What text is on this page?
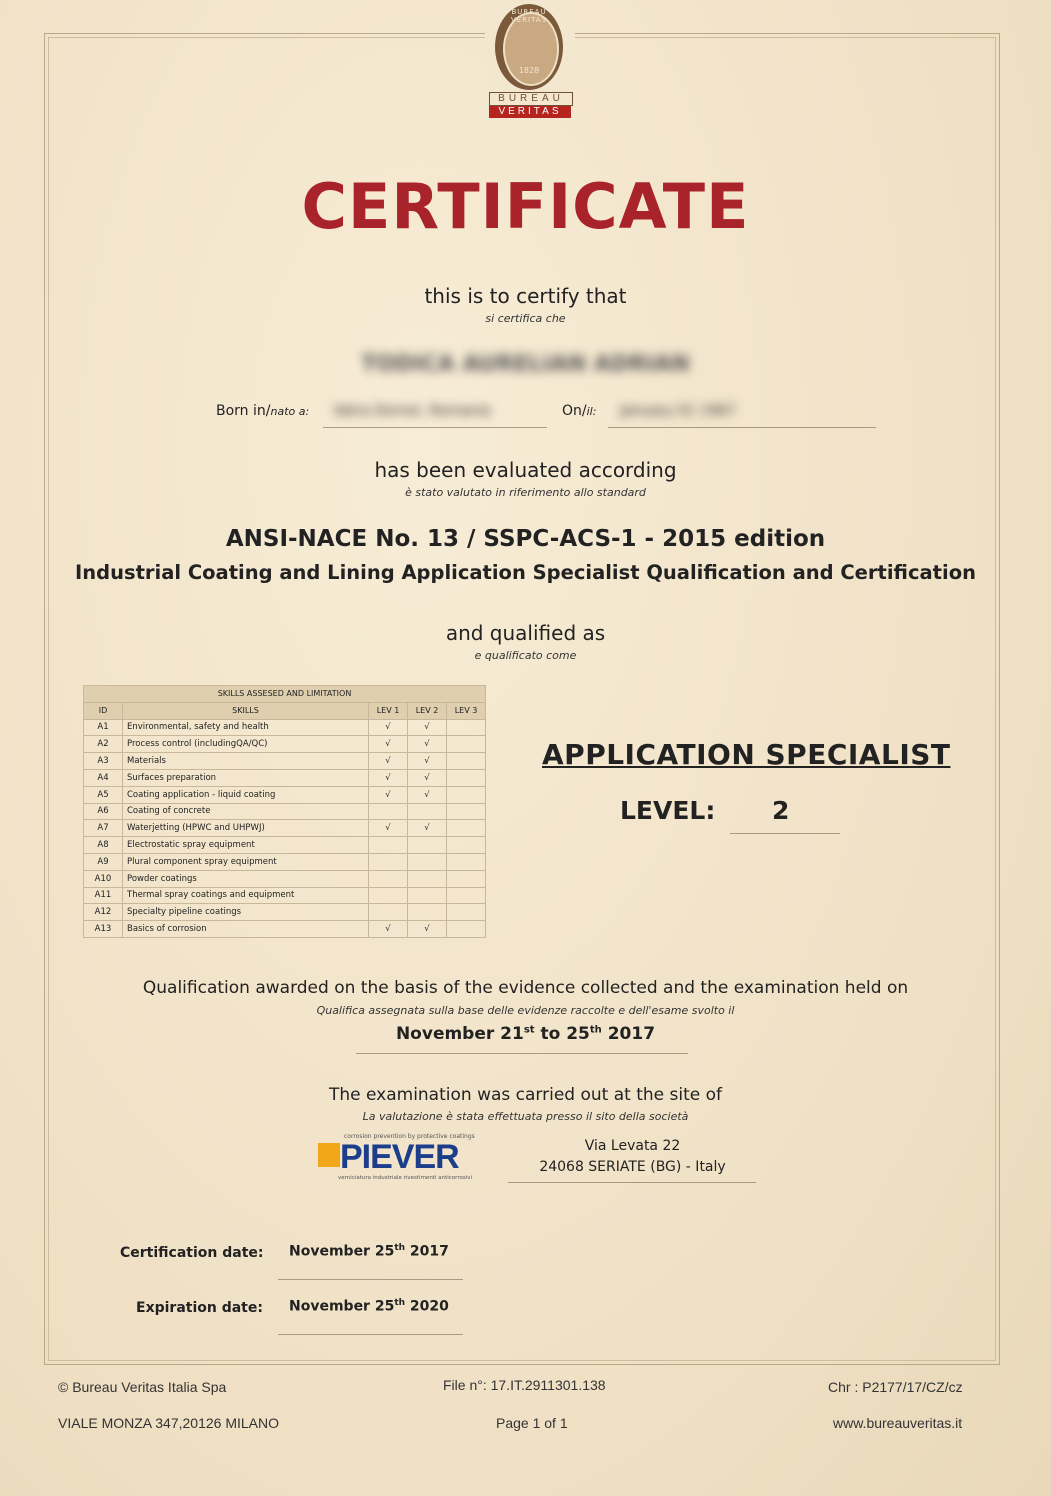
BUREAU VERITAS
1828
BUREAU
VERITAS
CERTIFICATE
this is to certify that
si certifica che
TODICA AURELIAN ADRIAN
Born in/nato a: Vatra Dornei, Romania	On/il: January 01 1967
has been evaluated according
è stato valutato in riferimento allo standard
ANSI-NACE No. 13 / SSPC-ACS-1 - 2015 edition
Industrial Coating and Lining Application Specialist Qualification and Certification
and qualified as
e qualificato come
SKILLS ASSESED AND LIMITATION				
ID	SKILLS	LEV 1	LEV 2	LEV 3
A1	Environmental, safety and health	√	√	
A2	Process control (includingQA/QC)	√	√	
A3	Materials	√	√	
A4	Surfaces preparation	√	√	
A5	Coating application - liquid coating	√	√	
A6	Coating of concrete			
A7	Waterjetting (HPWC and UHPWJ)	√	√	
A8	Electrostatic spray equipment			
A9	Plural component spray equipment			
A10	Powder coatings			
A11	Thermal spray coatings and equipment			
A12	Specialty pipeline coatings			
A13	Basics of corrosion	√	√	
APPLICATION SPECIALIST
LEVEL: 2
Qualification awarded on the basis of the evidence collected and the examination held on
Qualifica assegnata sulla base delle evidenze raccolte e dell'esame svolto il
November 21st to 25th 2017
The examination was carried out at the site of
La valutazione è stata effettuata presso il sito della società
corrosion prevention by protective coatings
PIEVER
verniciatura industriale rivestimenti anticorrosivi
Via Levata 22
24068 SERIATE (BG) - Italy
Certification date: November 25th 2017
Expiration date: November 25th 2020
© Bureau Veritas Italia Spa	File n°: 17.IT.2911301.138	Chr : P2177/17/CZ/cz
VIALE MONZA 347,20126 MILANO	Page 1 of 1	www.bureauveritas.it
